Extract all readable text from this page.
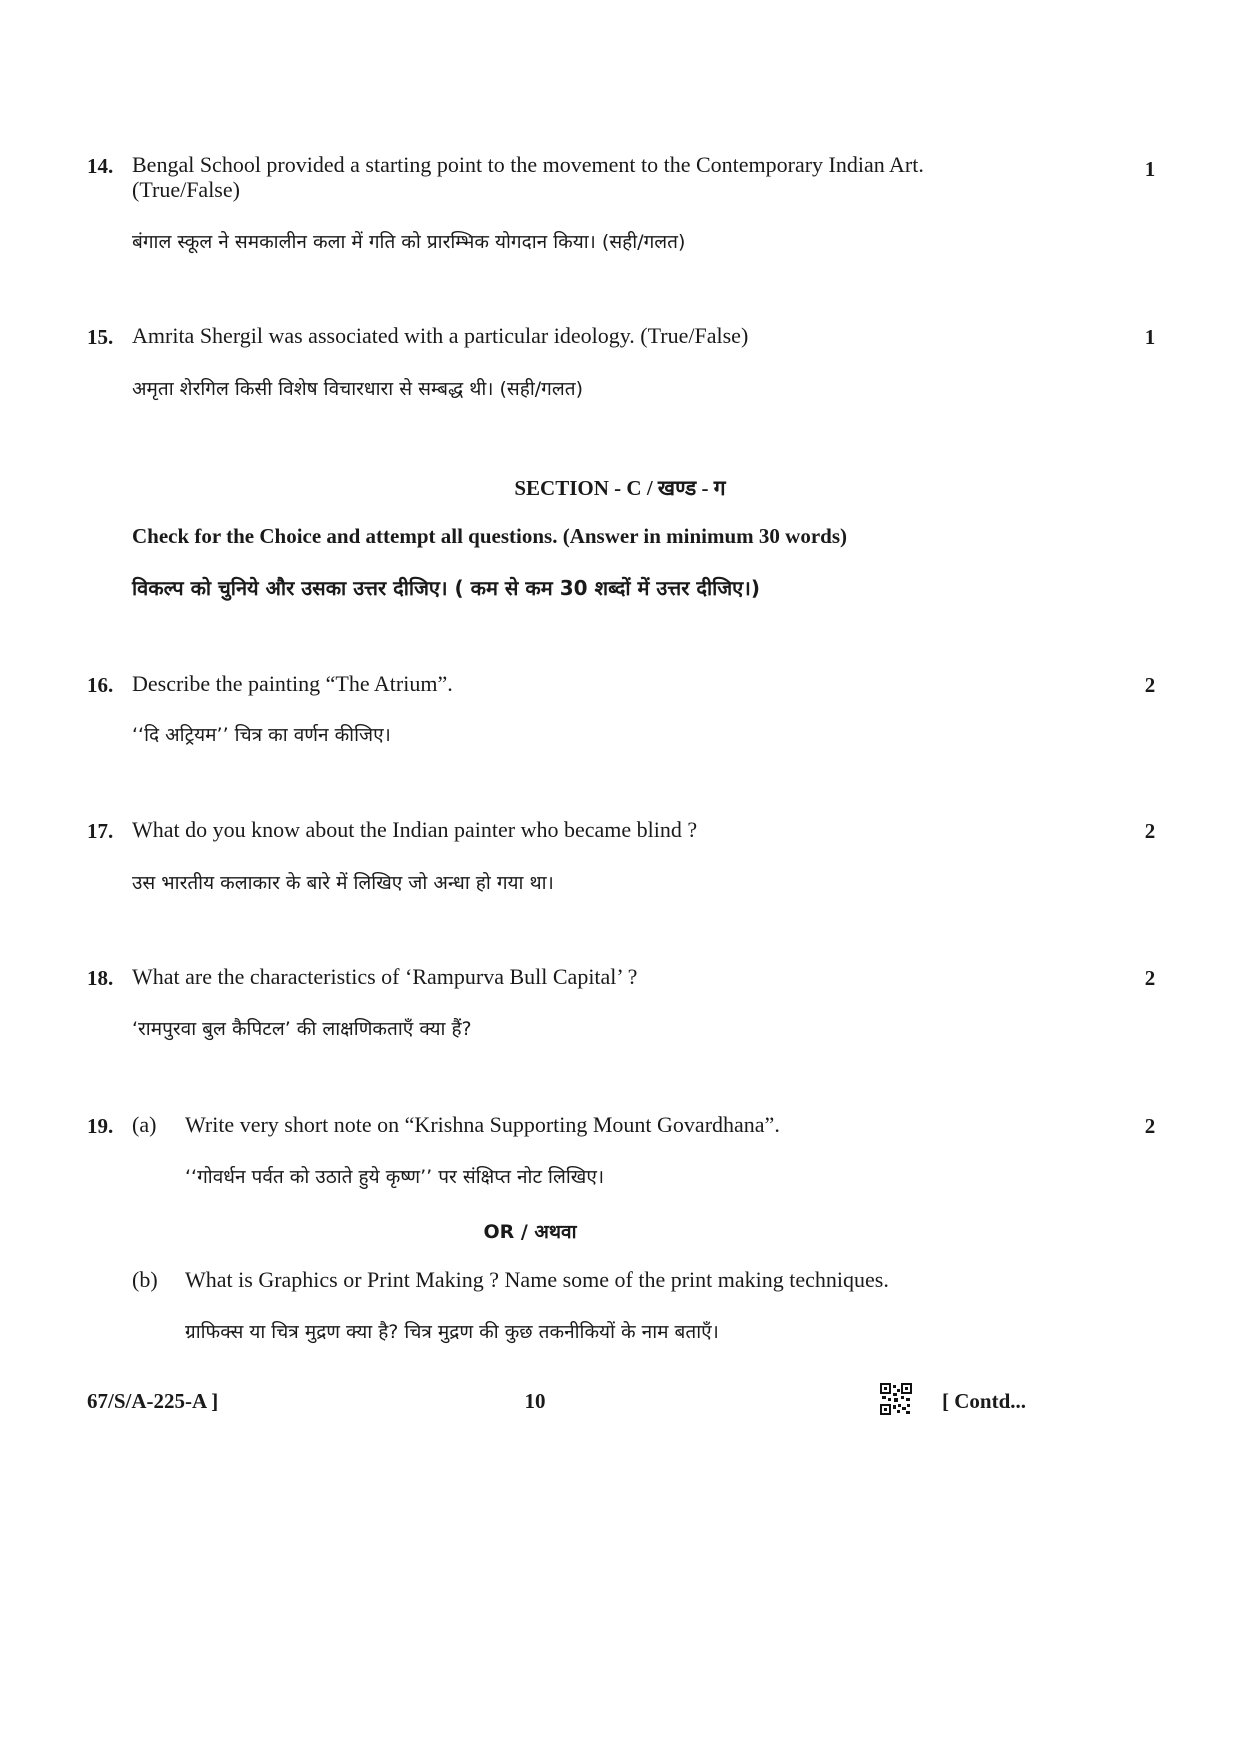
14. Bengal School provided a starting point to the movement to the Contemporary Indian Art.
(True/False)
बंगाल स्कूल ने समकालीन कला में गति को प्रारम्भिक योगदान किया। (सही/गलत)
1
15. Amrita Shergil was associated with a particular ideology. (True/False)
अमृता शेरगिल किसी विशेष विचारधारा से सम्बद्ध थी। (सही/गलत)
1
SECTION - C / खण्ड - ग
Check for the Choice and attempt all questions. (Answer in minimum 30 words)
विकल्प को चुनिये और उसका उत्तर दीजिए। ( कम से कम 30 शब्दों में उत्तर दीजिए।)
16. Describe the painting “The Atrium”.
‘‘दि अट्रियम’’ चित्र का वर्णन कीजिए।
2
17. What do you know about the Indian painter who became blind ?
उस भारतीय कलाकार के बारे में लिखिए जो अन्धा हो गया था।
2
18. What are the characteristics of ‘Rampurva Bull Capital’ ?
‘रामपुरवा बुल कैपिटल’ की लाक्षणिकताएँ क्या हैं?
2
19. (a) Write very short note on “Krishna Supporting Mount Govardhana”.
‘‘गोवर्धन पर्वत को उठाते हुये कृष्ण’’ पर संक्षिप्त नोट लिखिए।
2
OR / अथवा
(b) What is Graphics or Print Making ? Name some of the print making techniques.
ग्राफिक्स या चित्र मुद्रण क्या है? चित्र मुद्रण की कुछ तकनीकियों के नाम बताएँ।
67/S/A-225-A ]	10	[ Contd...
